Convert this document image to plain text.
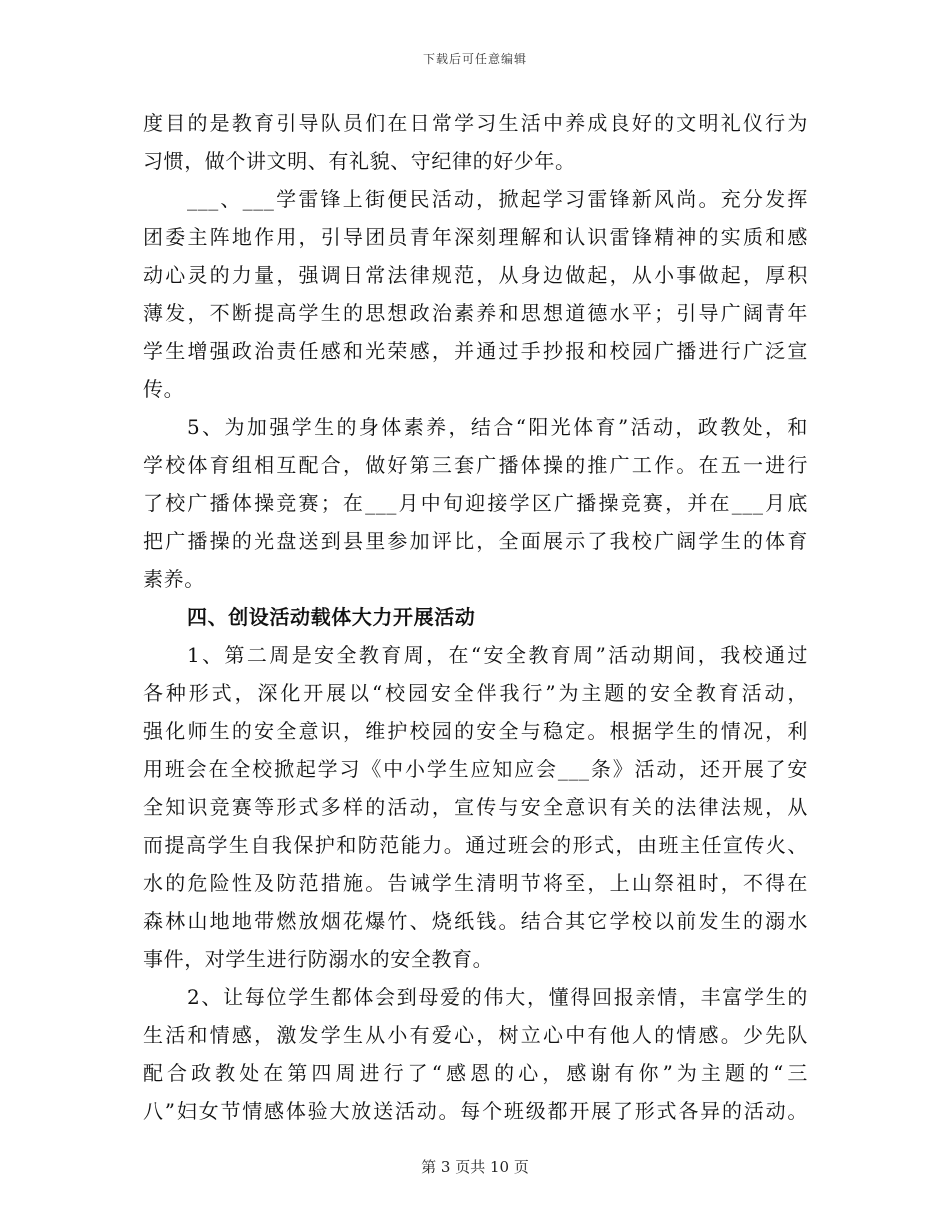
下载后可任意编辑
度目的是教育引导队员们在日常学习生活中养成良好的文明礼仪行为
习惯，做个讲文明、有礼貌、守纪律的好少年。
___、___学雷锋上街便民活动，掀起学习雷锋新风尚。充分发挥
团委主阵地作用，引导团员青年深刻理解和认识雷锋精神的实质和感
动心灵的力量，强调日常法律规范，从身边做起，从小事做起，厚积
薄发，不断提高学生的思想政治素养和思想道德水平；引导广阔青年
学生增强政治责任感和光荣感，并通过手抄报和校园广播进行广泛宣
传。
5、为加强学生的身体素养，结合“阳光体育”活动，政教处，和
学校体育组相互配合，做好第三套广播体操的推广工作。在五一进行
了校广播体操竞赛；在___月中旬迎接学区广播操竞赛，并在___月底
把广播操的光盘送到县里参加评比，全面展示了我校广阔学生的体育
素养。
四、创设活动载体大力开展活动
1、第二周是安全教育周，在“安全教育周”活动期间，我校通过
各种形式，深化开展以“校园安全伴我行”为主题的安全教育活动，
强化师生的安全意识，维护校园的安全与稳定。根据学生的情况，利
用班会在全校掀起学习《中小学生应知应会___条》活动，还开展了安
全知识竞赛等形式多样的活动，宣传与安全意识有关的法律法规，从
而提高学生自我保护和防范能力。通过班会的形式，由班主任宣传火、
水的危险性及防范措施。告诫学生清明节将至，上山祭祖时，不得在
森林山地地带燃放烟花爆竹、烧纸钱。结合其它学校以前发生的溺水
事件，对学生进行防溺水的安全教育。
2、让每位学生都体会到母爱的伟大，懂得回报亲情，丰富学生的
生活和情感，激发学生从小有爱心，树立心中有他人的情感。少先队
配合政教处在第四周进行了“感恩的心，感谢有你”为主题的“三
八”妇女节情感体验大放送活动。每个班级都开展了形式各异的活动。
第 3 页共 10 页
